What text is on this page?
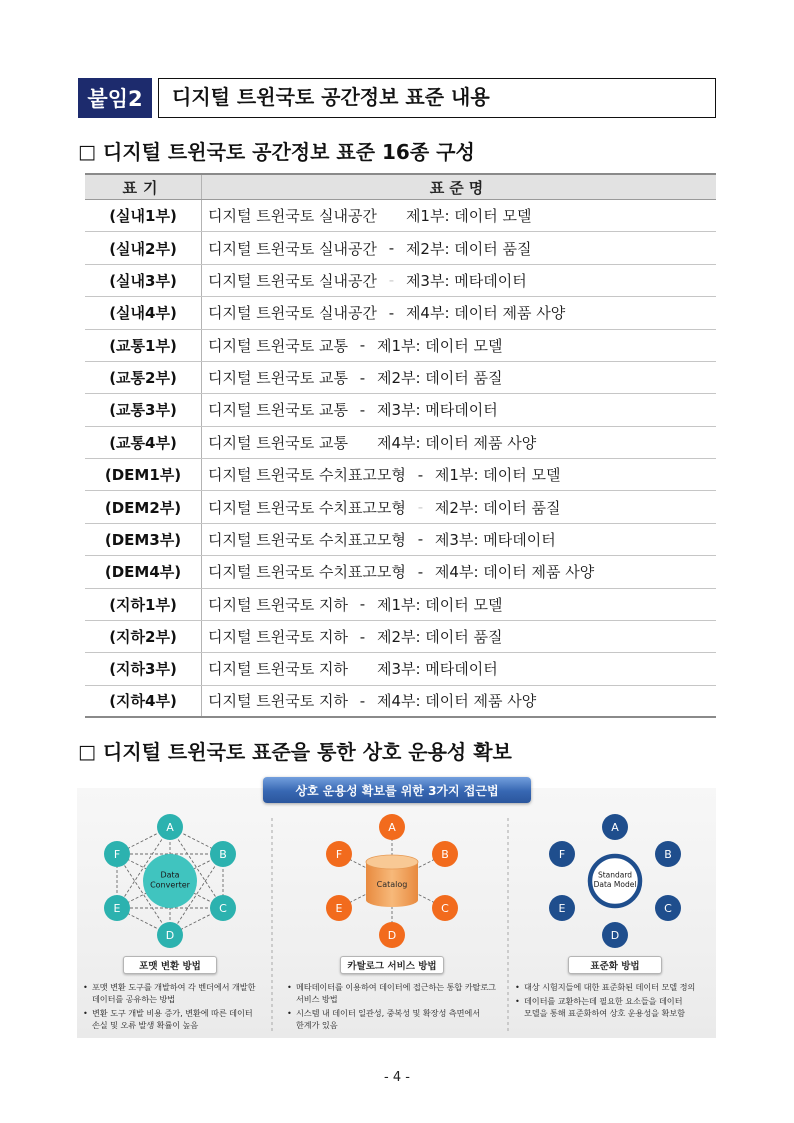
붙임2	디지털 트윈국토 공간정보 표준 내용
□ 디지털 트윈국토 공간정보 표준 16종 구성
표기	표준명
(실내1부)	디지털 트윈국토 실내공간 제1부: 데이터 모델
(실내2부)	디지털 트윈국토 실내공간 - 제2부: 데이터 품질
(실내3부)	디지털 트윈국토 실내공간 - 제3부: 메타데이터
(실내4부)	디지털 트윈국토 실내공간 - 제4부: 데이터 제품 사양
(교통1부)	디지털 트윈국토 교통 - 제1부: 데이터 모델
(교통2부)	디지털 트윈국토 교통 - 제2부: 데이터 품질
(교통3부)	디지털 트윈국토 교통 - 제3부: 메타데이터
(교통4부)	디지털 트윈국토 교통 제4부: 데이터 제품 사양
(DEM1부)	디지털 트윈국토 수치표고모형 - 제1부: 데이터 모델
(DEM2부)	디지털 트윈국토 수치표고모형 - 제2부: 데이터 품질
(DEM3부)	디지털 트윈국토 수치표고모형 - 제3부: 메타데이터
(DEM4부)	디지털 트윈국토 수치표고모형 - 제4부: 데이터 제품 사양
(지하1부)	디지털 트윈국토 지하 - 제1부: 데이터 모델
(지하2부)	디지털 트윈국토 지하 - 제2부: 데이터 품질
(지하3부)	디지털 트윈국토 지하 제3부: 메타데이터
(지하4부)	디지털 트윈국토 지하 - 제4부: 데이터 제품 사양
□ 디지털 트윈국토 표준을 통한 상호 운용성 확보
Data
Converter
A
B
C
D
E
F
Catalog
A
B
C
D
E
F
Standard
Data Model
A
B
C
D
E
F
상호 운용성 확보를 위한 3가지 접근법
포맷 변환 방법	카탈로그 서비스 방법	표준화 방법
• 포맷 변환 도구를 개발하여 각 벤더에서 개발한
데이터를 공유하는 방법
• 변환 도구 개발 비용 증가, 변환에 따른 데이터
손실 및 오류 발생 확률이 높음
• 메타데이터를 이용하여 데이터에 접근하는 통합 카탈로그
서비스 방법
• 시스템 내 데이터 일관성, 중복성 및 확장성 측면에서
한계가 있음
• 대상 시험지들에 대한 표준화된 데이터 모델 정의
• 데이터를 교환하는데 필요한 요소들을 데이터
모델을 통해 표준화하여 상호 운용성을 확보함
- 4 -
